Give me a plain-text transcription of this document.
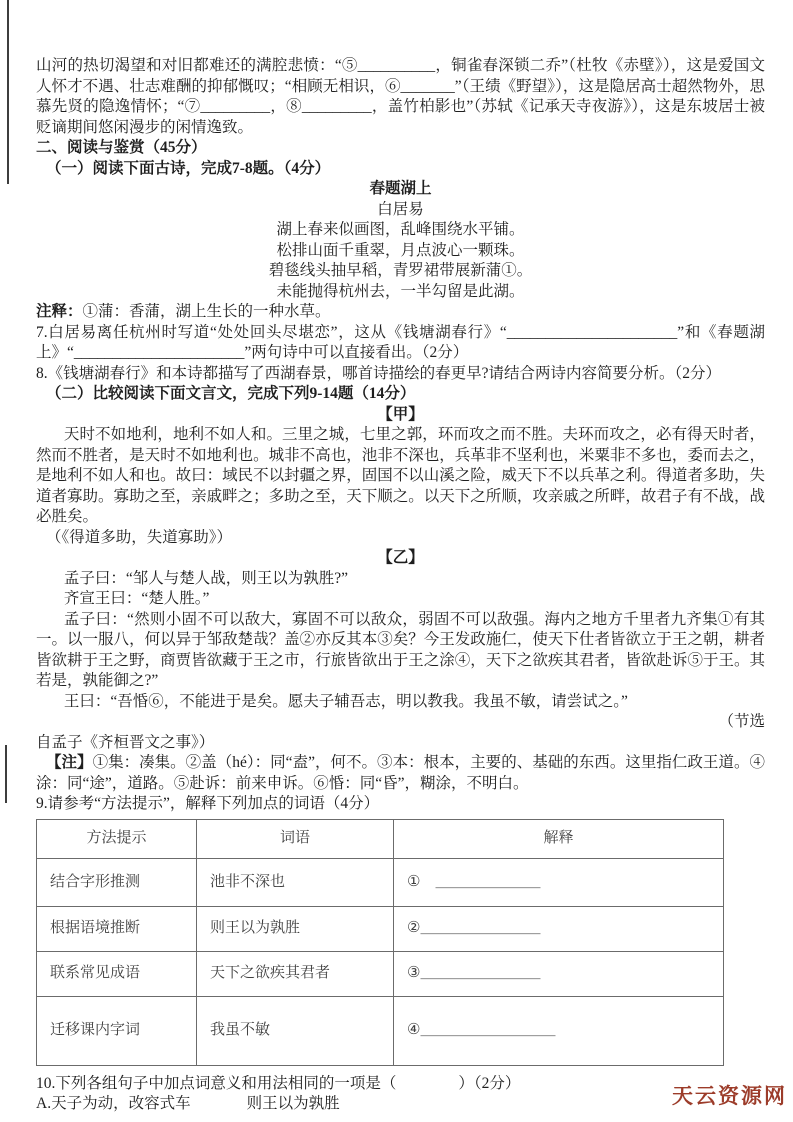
山河的热切渴望和对旧都难还的满腔悲愤：“⑤__________，铜雀春深锁二乔”（杜牧《赤壁》），这是爱国文人怀才不遇、壮志难酬的抑郁慨叹；“相顾无相识，⑥_______”（王绩《野望》），这是隐居高士超然物外，思慕先贤的隐逸情怀；“⑦_________，⑧_________，盖竹柏影也”（苏轼《记承天寺夜游》），这是东坡居士被贬谪期间悠闲漫步的闲情逸致。

二、阅读与鉴赏（45分）

（一）阅读下面古诗，完成7-8题。（4分）

春题湖上

白居易

湖上春来似画图，乱峰围绕水平铺。

松排山面千重翠，月点波心一颗珠。

碧毯线头抽早稻，青罗裙带展新蒲①。

未能抛得杭州去，一半勾留是此湖。

注释：①蒲：香蒲，湖上生长的一种水草。

7.白居易离任杭州时写道“处处回头尽堪恋”，这从《钱塘湖春行》“______________________”和《春题湖上》“______________________”两句诗中可以直接看出。（2分）

8.《钱塘湖春行》和本诗都描写了西湖春景，哪首诗描绘的春更早?请结合两诗内容简要分析。（2分）

（二）比较阅读下面文言文，完成下列9-14题（14分）

【甲】

天时不如地利，地利不如人和。三里之城，七里之郭，环而攻之而不胜。夫环而攻之，必有得天时者，然而不胜者，是天时不如地利也。城非不高也，池非不深也，兵革非不坚利也，米粟非不多也，委而去之，是地利不如人和也。故曰：域民不以封疆之界，固国不以山溪之险，威天下不以兵革之利。得道者多助，失道者寡助。寡助之至，亲戚畔之；多助之至，天下顺之。以天下之所顺，攻亲戚之所畔，故君子有不战，战必胜矣。

（《得道多助，失道寡助》）

【乙】

孟子曰：“邹人与楚人战，则王以为孰胜?”

齐宣王曰：“楚人胜。”

孟子曰：“然则小固不可以敌大，寡固不可以敌众，弱固不可以敌强。海内之地方千里者九齐集①有其一。以一服八，何以异于邹敌楚哉？盖②亦反其本③矣？今王发政施仁，使天下仕者皆欲立于王之朝，耕者皆欲耕于王之野，商贾皆欲藏于王之市，行旅皆欲出于王之涂④，天下之欲疾其君者，皆欲赴诉⑤于王。其若是，孰能御之?”

王曰：“吾惛⑥，不能进于是矣。愿夫子辅吾志，明以教我。我虽不敏，请尝试之。”

（节选

自孟子《齐桓晋文之事》）

【注】①集：凑集。②盖（hé）：同“盍”，何不。③本：根本，主要的、基础的东西。这里指仁政王道。④涂：同“途”，道路。⑤赴诉：前来申诉。⑥惛：同“昏”，糊涂，不明白。

9.请参考“方法提示”，解释下列加点的词语（4分）

方法提示	词语	解释
结合字形推测	池非不深也	①　＿＿＿＿＿＿＿
根据语境推断	则王以为孰胜	②＿＿＿＿＿＿＿＿
联系常见成语	天下之欲疾其君者	③＿＿＿＿＿＿＿＿
迁移课内字词	我虽不敏	④＿＿＿＿＿＿＿＿＿

10.下列各组句子中加点词意义和用法相同的一项是（　　　　）（2分）

A.天子为动，改容式车	则王以为孰胜	天云资源网
